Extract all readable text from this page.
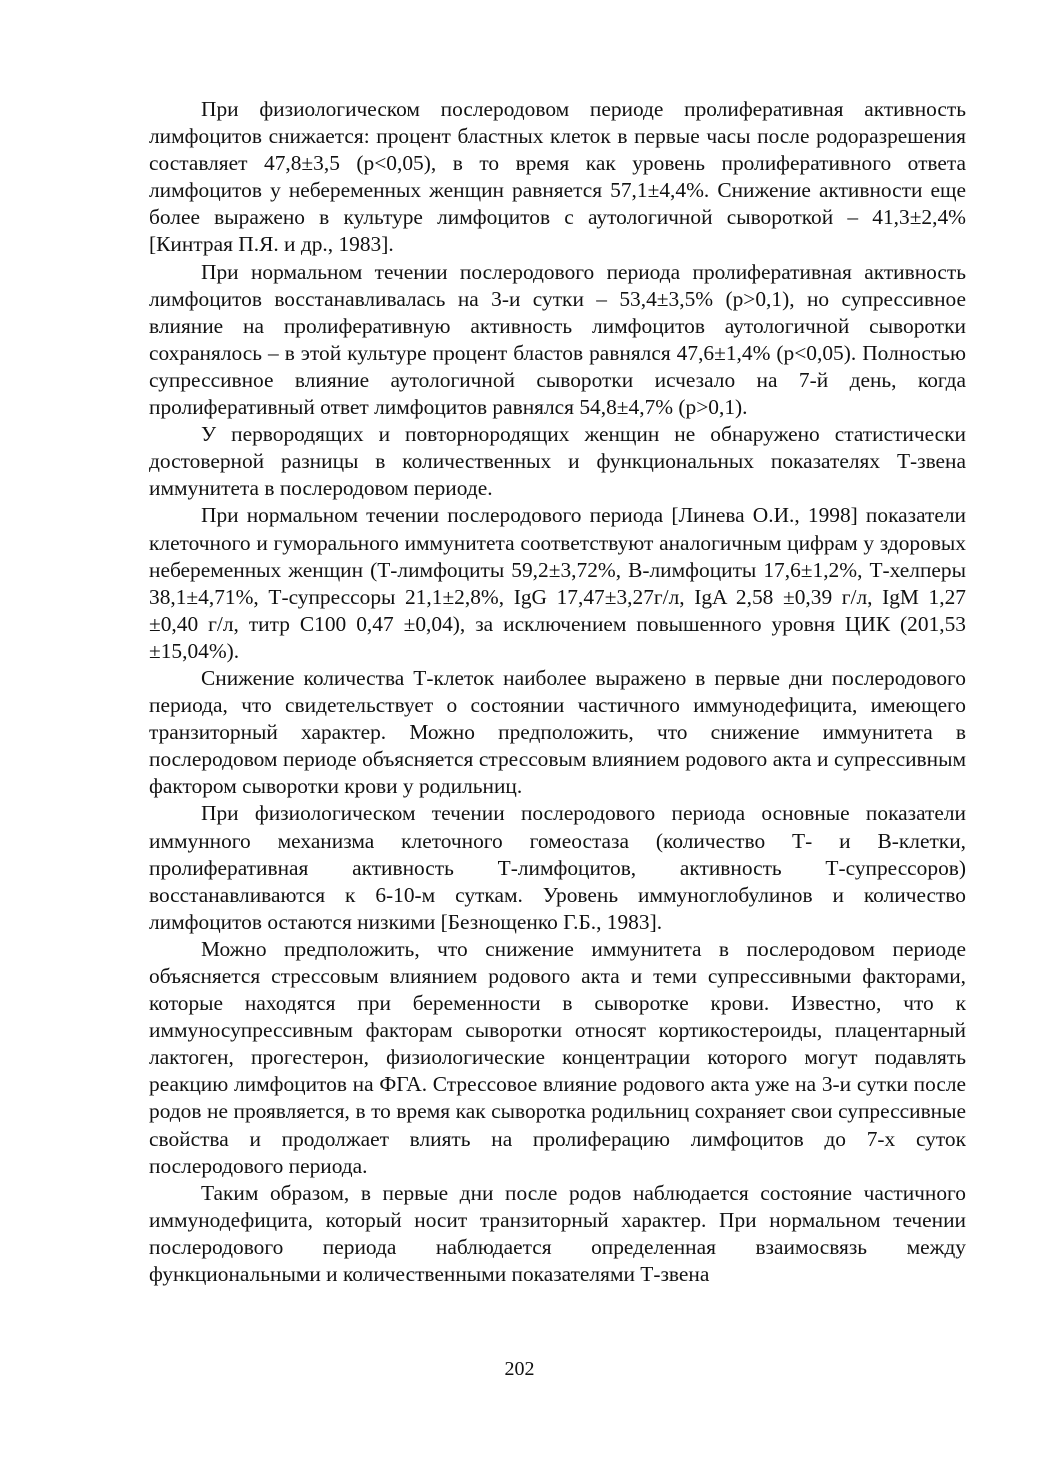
При физиологическом послеродовом периоде пролиферативная активность лимфоцитов снижается: процент бластных клеток в первые часы после родоразрешения составляет 47,8±3,5 (p<0,05), в то время как уровень пролиферативного ответа лимфоцитов у небеременных женщин равняется 57,1±4,4%. Снижение активности еще более выражено в культуре лимфоцитов с аутологичной сывороткой – 41,3±2,4% [Кинтрая П.Я. и др., 1983].

При нормальном течении послеродового периода пролиферативная активность лимфоцитов восстанавливалась на 3-и сутки – 53,4±3,5% (p>0,1), но супрессивное влияние на пролиферативную активность лимфоцитов аутологичной сыворотки сохранялось – в этой культуре процент бластов равнялся 47,6±1,4% (p<0,05). Полностью супрессивное влияние аутологичной сыворотки исчезало на 7-й день, когда пролиферативный ответ лимфоцитов равнялся 54,8±4,7% (p>0,1).

У первородящих и повторнородящих женщин не обнаружено статистически достоверной разницы в количественных и функциональных показателях Т-звена иммунитета в послеродовом периоде.

При нормальном течении послеродового периода [Линева О.И., 1998] показатели клеточного и гуморального иммунитета соответствуют аналогичным цифрам у здоровых небеременных женщин (Т-лимфоциты 59,2±3,72%, В-лимфоциты 17,6±1,2%, Т-хелперы 38,1±4,71%, Т-супрессоры 21,1±2,8%, IgG 17,47±3,27г/л, IgA 2,58 ±0,39 г/л, IgM 1,27 ±0,40 г/л, титр С100 0,47 ±0,04), за исключением повышенного уровня ЦИК (201,53 ±15,04%).

Снижение количества Т-клеток наиболее выражено в первые дни послеродового периода, что свидетельствует о состоянии частичного иммунодефицита, имеющего транзиторный характер. Можно предположить, что снижение иммунитета в послеродовом периоде объясняется стрессовым влиянием родового акта и супрессивным фактором сыворотки крови у родильниц.

При физиологическом течении послеродового периода основные показатели иммунного механизма клеточного гомеостаза (количество Т- и В-клетки, пролиферативная активность Т-лимфоцитов, активность Т-супрессоров) восстанавливаются к 6-10-м суткам. Уровень иммуноглобулинов и количество лимфоцитов остаются низкими [Безнощенко Г.Б., 1983].

Можно предположить, что снижение иммунитета в послеродовом периоде объясняется стрессовым влиянием родового акта и теми супрессивными факторами, которые находятся при беременности в сыворотке крови. Известно, что к иммуносупрессивным факторам сыворотки относят кортикостероиды, плацентарный лактоген, прогестерон, физиологические концентрации которого могут подавлять реакцию лимфоцитов на ФГА. Стрессовое влияние родового акта уже на 3-и сутки после родов не проявляется, в то время как сыворотка родильниц сохраняет свои супрессивные свойства и продолжает влиять на пролиферацию лимфоцитов до 7-х суток послеродового периода.

Таким образом, в первые дни после родов наблюдается состояние частичного иммунодефицита, который носит транзиторный характер. При нормальном течении послеродового периода наблюдается определенная взаимосвязь между функциональными и количественными показателями Т-звена

202
